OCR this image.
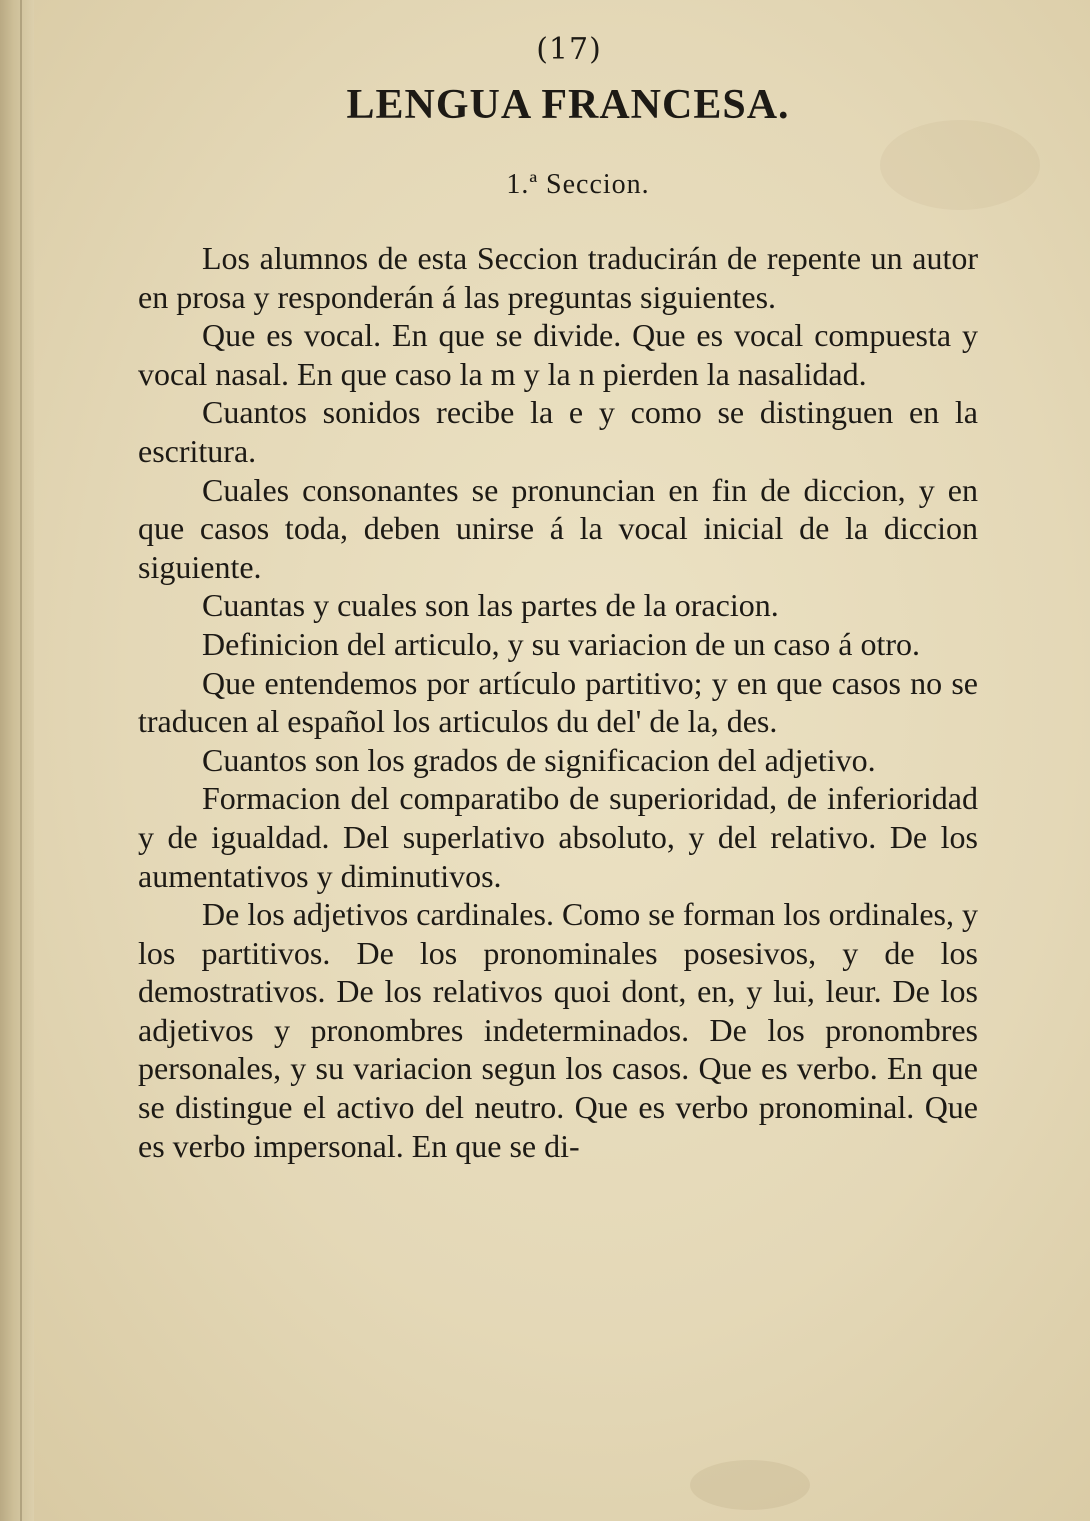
(17)
LENGUA FRANCESA.
1.ª Seccion.

Los alumnos de esta Seccion traducirán de repente un autor en prosa y responderán á las preguntas siguientes.

Que es vocal. En que se divide. Que es vocal compuesta y vocal nasal. En que caso la m y la n pierden la nasalidad.

Cuantos sonidos recibe la e y como se distinguen en la escritura.

Cuales consonantes se pronuncian en fin de diccion, y en que casos toda, deben unirse á la vocal inicial de la diccion siguiente.

Cuantas y cuales son las partes de la oracion.

Definicion del articulo, y su variacion de un caso á otro.

Que entendemos por artículo partitivo; y en que casos no se traducen al español los articulos du del' de la, des.

Cuantos son los grados de significacion del adjetivo.

Formacion del comparatibo de superioridad, de inferioridad y de igualdad. Del superlativo absoluto, y del relativo. De los aumentativos y diminutivos.

De los adjetivos cardinales. Como se forman los ordinales, y los partitivos. De los pronominales posesivos, y de los demostrativos. De los relativos quoi dont, en, y lui, leur. De los adjetivos y pronombres indeterminados. De los pronombres personales, y su variacion segun los casos. Que es verbo. En que se distingue el activo del neutro. Que es verbo pronominal. Que es verbo impersonal. En que se di-
